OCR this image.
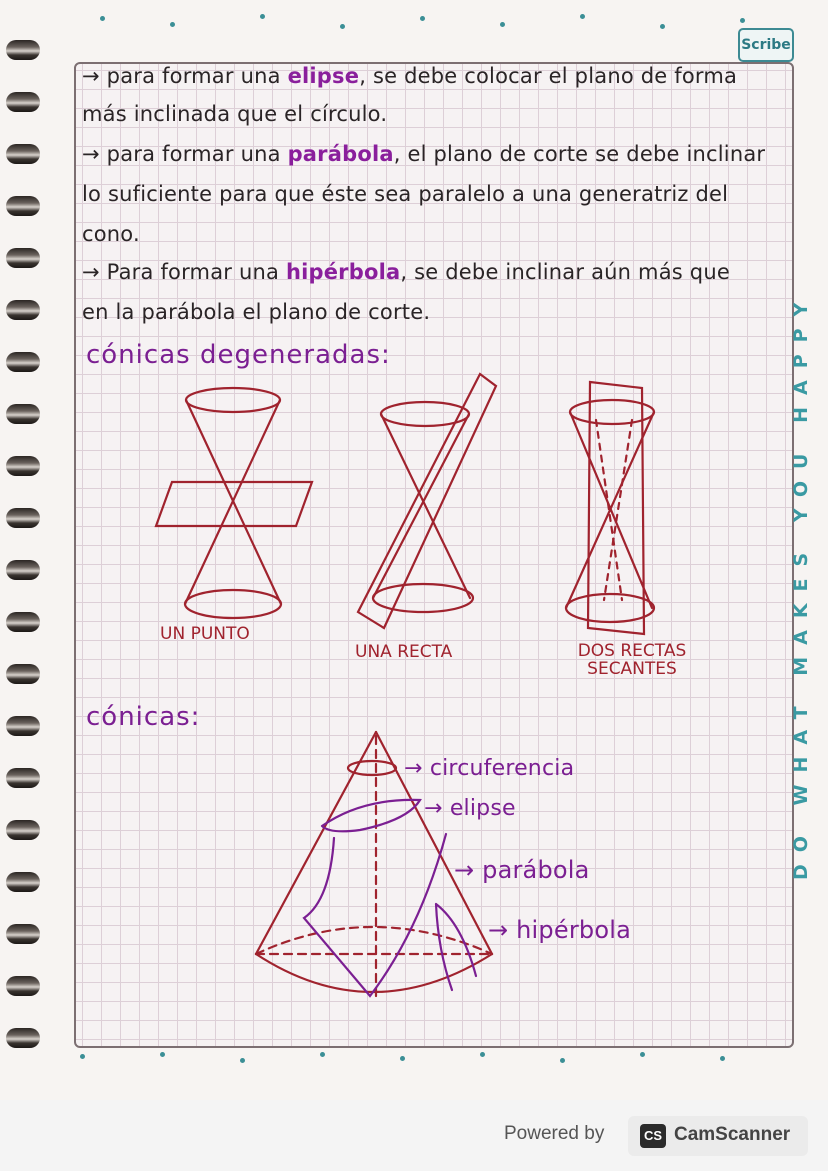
Scribe
→ para formar una elipse, se debe colocar el plano de forma
más inclinada que el círculo.
→ para formar una parábola, el plano de corte se debe inclinar
lo suficiente para que éste sea paralelo a una generatriz del
cono.
→ Para formar una hipérbola, se debe inclinar aún más que
en la parábola el plano de corte.
cónicas degeneradas:
UN PUNTO
UNA RECTA	DOS RECTAS SECANTES
cónicas:
→ circuferencia
→ elipse
→ parábola
→ hipérbola
Powered by	CS CamScanner
